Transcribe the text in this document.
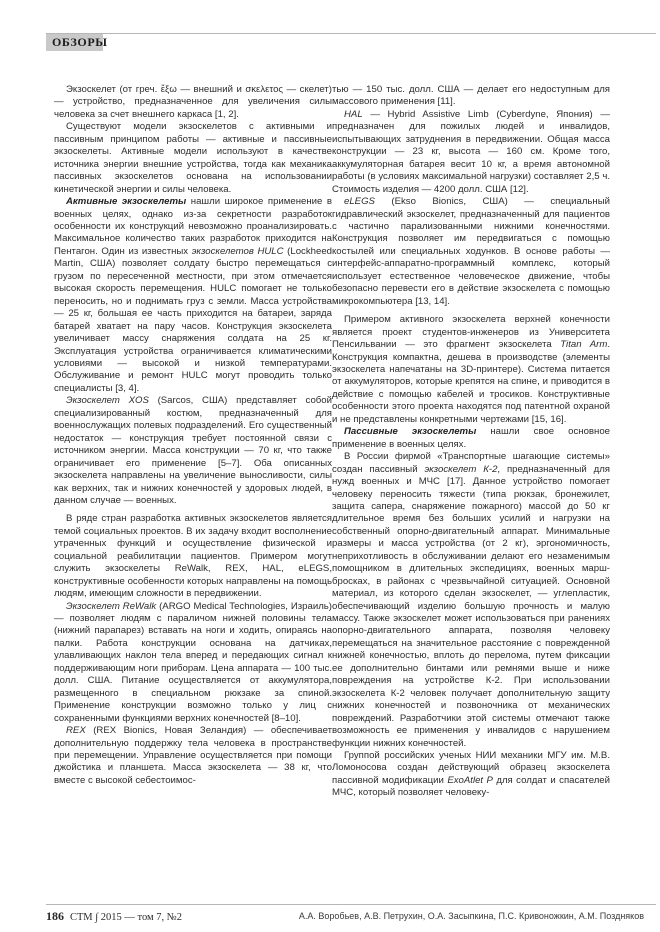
ОБЗОРЫ

Экзоскелет (от греч. ἔξω — внешний и σκελετος — скелет) — устройство, предназначенное для увеличения силы человека за счет внешнего каркаса [1, 2].

Существуют модели экзоскелетов с активными и пассивным принципом работы — активные и пассивные экзоскелеты. Активные модели используют в качестве источника энергии внешние устройства, тогда как механика пассивных экзоскелетов основана на использовании кинетической энергии и силы человека.

Активные экзоскелеты нашли широкое применение в военных целях, однако из-за секретности разработок особенности их конструкций невозможно проанализировать. Максимальное количество таких разработок приходится на Пентагон. Один из известных экзоскелетов HULC (Lockheed Martin, США) позволяет солдату быстро перемещаться с грузом по пересеченной местности, при этом отмечается высокая скорость перемещения. HULC помогает не только переносить, но и поднимать груз с земли. Масса устройства — 25 кг, большая ее часть приходится на батареи, заряда батарей хватает на пару часов. Конструкция экзоскелета увеличивает массу снаряжения солдата на 25 кг. Эксплуатация устройства ограничивается климатическими условиями — высокой и низкой температурами. Обслуживание и ремонт HULC могут проводить только специалисты [3, 4].

Экзоскелет XOS (Sarcos, США) представляет собой специализированный костюм, предназначенный для военнослужащих полевых подразделений. Его существенный недостаток — конструкция требует постоянной связи с источником энергии. Масса конструкции — 70 кг, что также ограничивает его применение [5–7]. Оба описанных экзоскелета направлены на увеличение выносливости, силы как верхних, так и нижних конечностей у здоровых людей, в данном случае — военных.

В ряде стран разработка активных экзоскелетов является темой социальных проектов. В их задачу входит восполнение утраченных функций и осуществление физической и социальной реабилитации пациентов. Примером могут служить экзоскелеты ReWalk, REX, HAL, eLEGS, конструктивные особенности которых направлены на помощь людям, имеющим сложности в передвижении.

Экзоскелет ReWalk (ARGO Medical Technologies, Израиль) — позволяет людям с параличом нижней половины тела (нижний парапарез) вставать на ноги и ходить, опираясь на палки. Работа конструкции основана на датчиках, улавливающих наклон тела вперед и передающих сигнал к поддерживающим ноги приборам. Цена аппарата — 100 тыс. долл. США. Питание осуществляется от аккумулятора, размещенного в специальном рюкзаке за спиной. Применение конструкции возможно только у лиц с сохраненными функциями верхних конечностей [8–10].

REX (REX Bionics, Новая Зеландия) — обеспечивает дополнительную поддержку тела человека в пространстве при перемещении. Управление осуществляется при помощи джойстика и планшета. Масса экзоскелета — 38 кг, что вместе с высокой себестоимос-

тью — 150 тыс. долл. США — делает его недоступным для массового применения [11].

HAL — Hybrid Assistive Limb (Cyberdyne, Япония) — предназначен для пожилых людей и инвалидов, испытывающих затруднения в передвижении. Общая масса конструкции — 23 кг, высота — 160 см. Кроме того, аккумуляторная батарея весит 10 кг, а время автономной работы (в условиях максимальной нагрузки) составляет 2,5 ч. Стоимость изделия — 4200 долл. США [12].

eLEGS (Ekso Bionics, США) — специальный гидравлический экзоскелет, предназначенный для пациентов с частично парализованными нижними конечностями. Конструкция позволяет им передвигаться с помощью костылей или специальных ходунков. В основе работы — интерфейс-аппаратно-программный комплекс, который использует естественное человеческое движение, чтобы безопасно перевести его в действие экзоскелета с помощью микрокомпьютера [13, 14].

Примером активного экзоскелета верхней конечности является проект студентов-инженеров из Университета Пенсильвании — это фрагмент экзоскелета Titan Arm. Конструкция компактна, дешева в производстве (элементы экзоскелета напечатаны на 3D-принтере). Система питается от аккумуляторов, которые крепятся на спине, и приводится в действие с помощью кабелей и тросиков. Конструктивные особенности этого проекта находятся под патентной охраной и не представлены конкретными чертежами [15, 16].

Пассивные экзоскелеты нашли свое основное применение в военных целях.

В России фирмой «Транспортные шагающие системы» создан пассивный экзоскелет К-2, предназначенный для нужд военных и МЧС [17]. Данное устройство помогает человеку переносить тяжести (типа рюкзак, бронежилет, защита сапера, снаряжение пожарного) массой до 50 кг длительное время без больших усилий и нагрузки на собственный опорно-двигательный аппарат. Минимальные размеры и масса устройства (от 2 кг), эргономичность, неприхотливость в обслуживании делают его незаменимым помощником в длительных экспедициях, военных марш-бросках, в районах с чрезвычайной ситуацией. Основной материал, из которого сделан экзоскелет, — углепластик, обеспечивающий изделию большую прочность и малую массу. Также экзоскелет может использоваться при ранениях опорно-двигательного аппарата, позволяя человеку перемещаться на значительное расстояние с поврежденной нижней конечностью, вплоть до перелома, путем фиксации ее дополнительно бинтами или ремнями выше и ниже повреждения на устройстве К-2. При использовании экзоскелета К-2 человек получает дополнительную защиту нижних конечностей и позвоночника от механических повреждений. Разработчики этой системы отмечают также возможность ее применения у инвалидов с нарушением функции нижних конечностей.

Группой российских ученых НИИ механики МГУ им. М.В. Ломоносова создан действующий образец экзоскелета пассивной модификации ExoAtlet P для солдат и спасателей МЧС, который позволяет человеку-

186 СТМ ∫ 2015 — том 7, №2	А.А. Воробьев, А.В. Петрухин, О.А. Засыпкина, П.С. Кривоножкин, А.М. Поздняков
